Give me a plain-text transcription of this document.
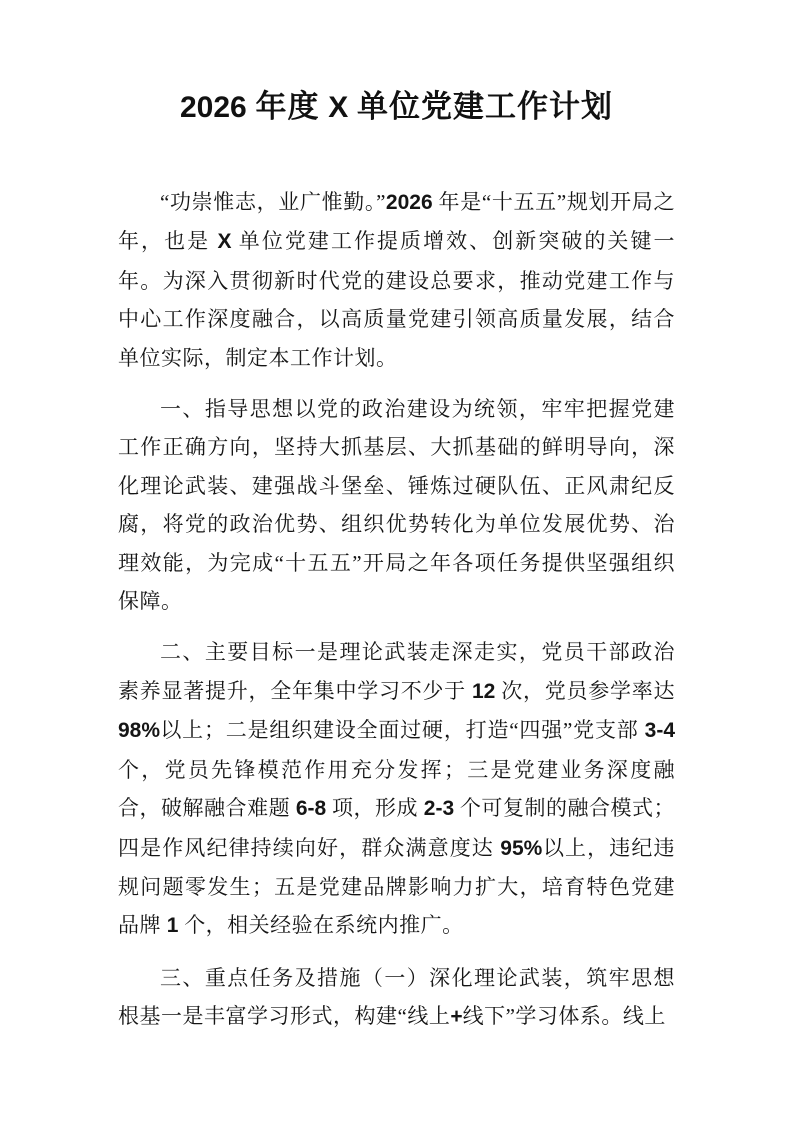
2026 年度 X 单位党建工作计划

“功崇惟志，业广惟勤。”2026 年是“十五五”规划开局之年，也是 X 单位党建工作提质增效、创新突破的关键一年。为深入贯彻新时代党的建设总要求，推动党建工作与中心工作深度融合，以高质量党建引领高质量发展，结合单位实际，制定本工作计划。

一、指导思想以党的政治建设为统领，牢牢把握党建工作正确方向，坚持大抓基层、大抓基础的鲜明导向，深化理论武装、建强战斗堡垒、锤炼过硬队伍、正风肃纪反腐，将党的政治优势、组织优势转化为单位发展优势、治理效能，为完成“十五五”开局之年各项任务提供坚强组织保障。

二、主要目标一是理论武装走深走实，党员干部政治素养显著提升，全年集中学习不少于 12 次，党员参学率达 98%以上；二是组织建设全面过硬，打造“四强”党支部 3-4 个，党员先锋模范作用充分发挥；三是党建业务深度融合，破解融合难题 6-8 项，形成 2-3 个可复制的融合模式；四是作风纪律持续向好，群众满意度达 95%以上，违纪违规问题零发生；五是党建品牌影响力扩大，培育特色党建品牌 1 个，相关经验在系统内推广。

三、重点任务及措施（一）深化理论武装，筑牢思想根基一是丰富学习形式，构建“线上+线下”学习体系。线上
